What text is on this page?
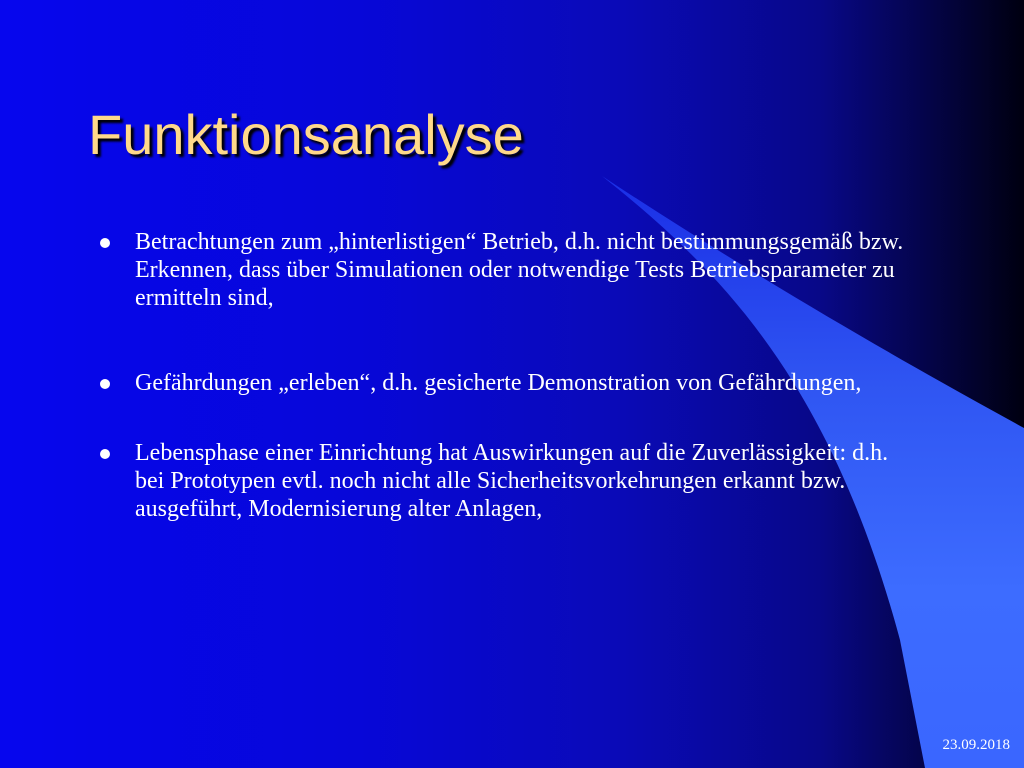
Funktionsanalyse
Betrachtungen zum „hinterlistigen“ Betrieb, d.h. nicht bestimmungsgemäß bzw. Erkennen, dass über Simulationen oder notwendige Tests Betriebsparameter zu ermitteln sind,
Gefährdungen „erleben“, d.h. gesicherte Demonstration von Gefährdungen,
Lebensphase einer Einrichtung hat Auswirkungen auf die Zuverlässigkeit: d.h. bei Prototypen evtl. noch nicht alle Sicherheitsvorkehrungen erkannt bzw. ausgeführt, Modernisierung alter Anlagen,
23.09.2018
